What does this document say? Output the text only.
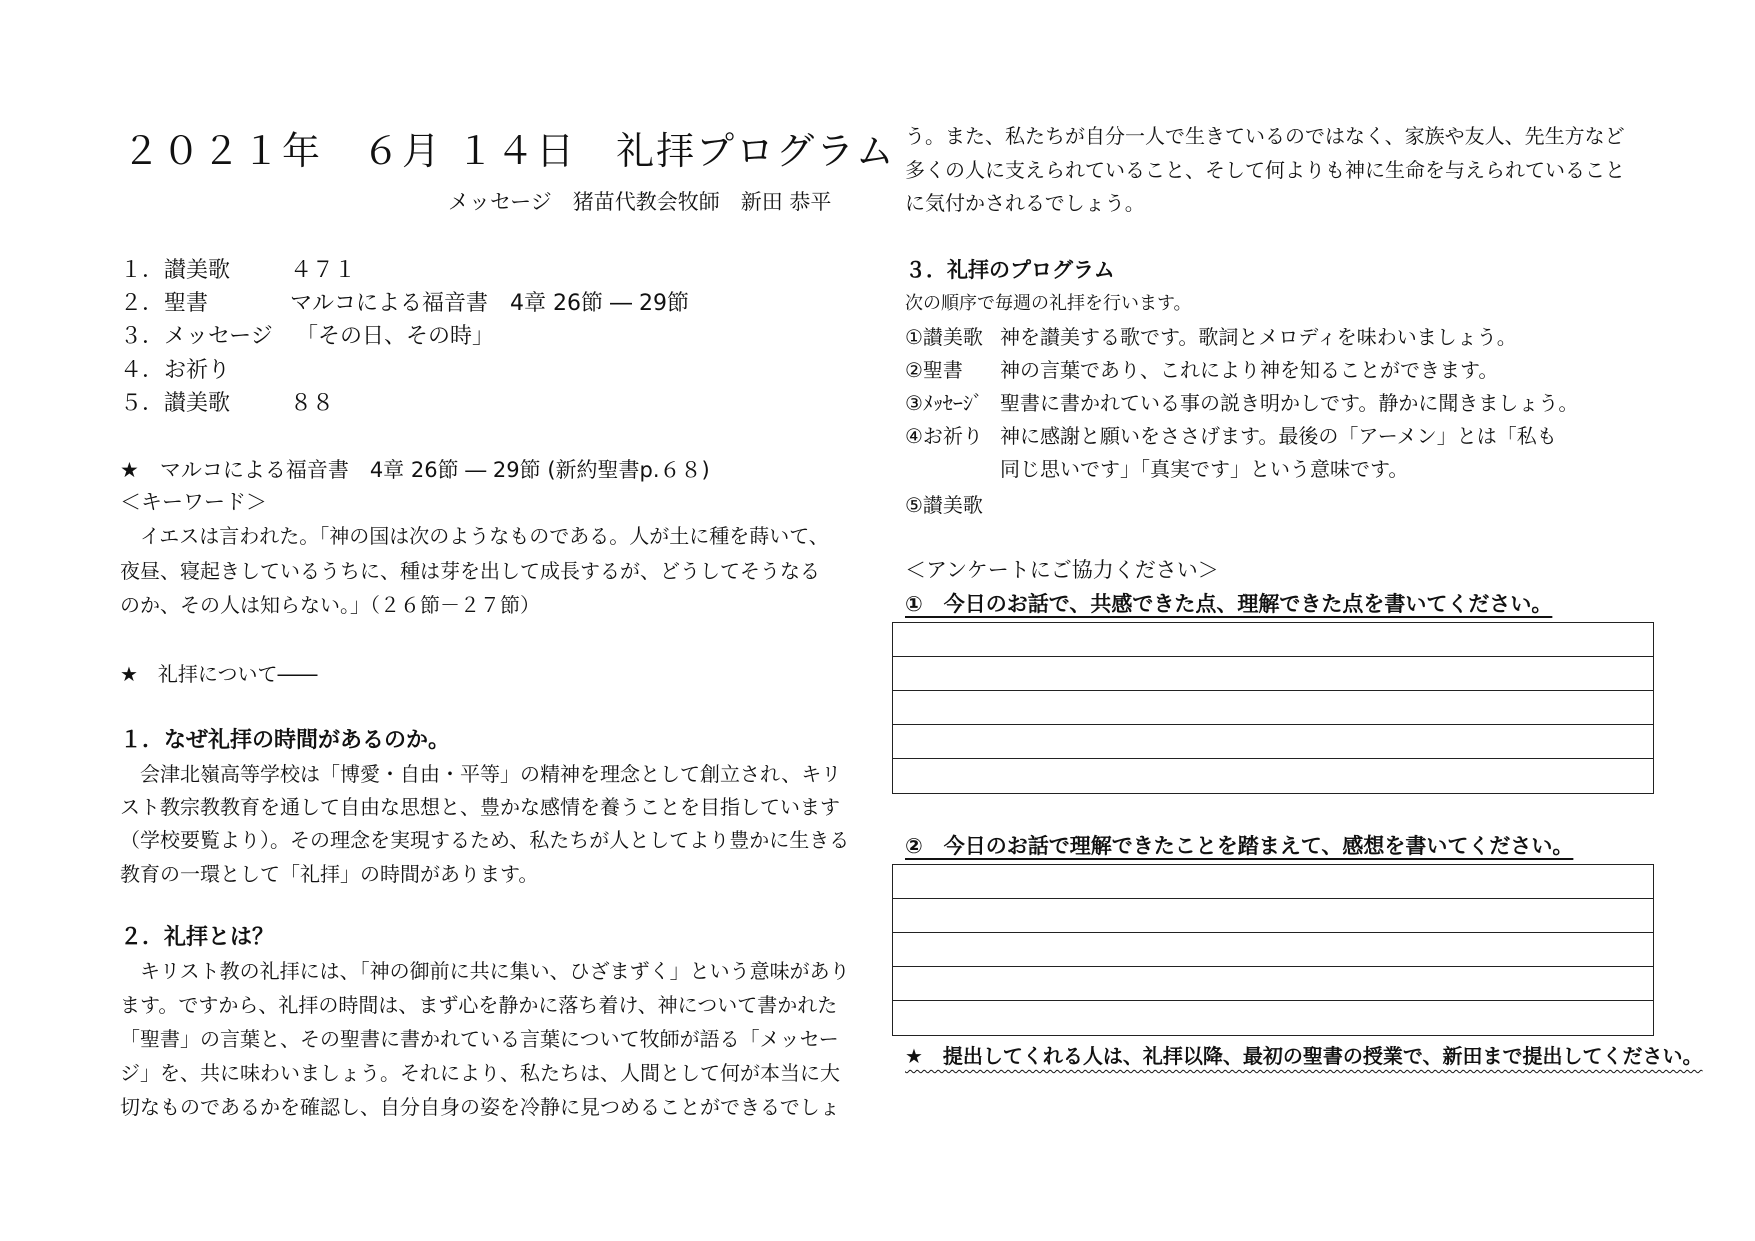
２０２１年　６月 １４日　礼拝プログラム
メッセージ　猪苗代教会牧師　新田 恭平
１．讃美歌	４７１
２．聖書	マルコによる福音書　4章 26節 ― 29節
３．メッセージ 「その日、その時」
４．お祈り
５．讃美歌	８８
★　マルコによる福音書　4章 26節 ― 29節 (新約聖書p.６８)
＜キーワード＞
　イエスは言われた。「神の国は次のようなものである。人が土に種を蒔いて、
夜昼、寝起きしているうちに、種は芽を出して成長するが、どうしてそうなる
のか、その人は知らない。」（２６節－２７節）
★　礼拝について――
１．なぜ礼拝の時間があるのか。
　会津北嶺高等学校は「博愛・自由・平等」の精神を理念として創立され、キリ
スト教宗教教育を通して自由な思想と、豊かな感情を養うことを目指しています
（学校要覧より）。その理念を実現するため、私たちが人としてより豊かに生きる
教育の一環として「礼拝」の時間があります。
２．礼拝とは？
　キリスト教の礼拝には、「神の御前に共に集い、ひざまずく」という意味があり
ます。ですから、礼拝の時間は、まず心を静かに落ち着け、神について書かれた
「聖書」の言葉と、その聖書に書かれている言葉について牧師が語る「メッセー
ジ」を、共に味わいましょう。それにより、私たちは、人間として何が本当に大
切なものであるかを確認し、自分自身の姿を冷静に見つめることができるでしょ
う。また、私たちが自分一人で生きているのではなく、家族や友人、先生方など
多くの人に支えられていること、そして何よりも神に生命を与えられていること
に気付かされるでしょう。
３．礼拝のプログラム
次の順序で毎週の礼拝を行います。
①讃美歌 神を讃美する歌です。歌詞とメロディを味わいましょう。
②聖書 神の言葉であり、これにより神を知ることができます。
③ﾒｯｾｰｼﾞ 聖書に書かれている事の説き明かしです。静かに聞きましょう。
④お祈り 神に感謝と願いをささげます。最後の「アーメン」とは「私も
同じ思いです」「真実です」という意味です。
⑤讃美歌
＜アンケートにご協力ください＞
①　今日のお話で、共感できた点、理解できた点を書いてください。
②　今日のお話で理解できたことを踏まえて、感想を書いてください。
★　提出してくれる人は、礼拝以降、最初の聖書の授業で、新田まで提出してください。
